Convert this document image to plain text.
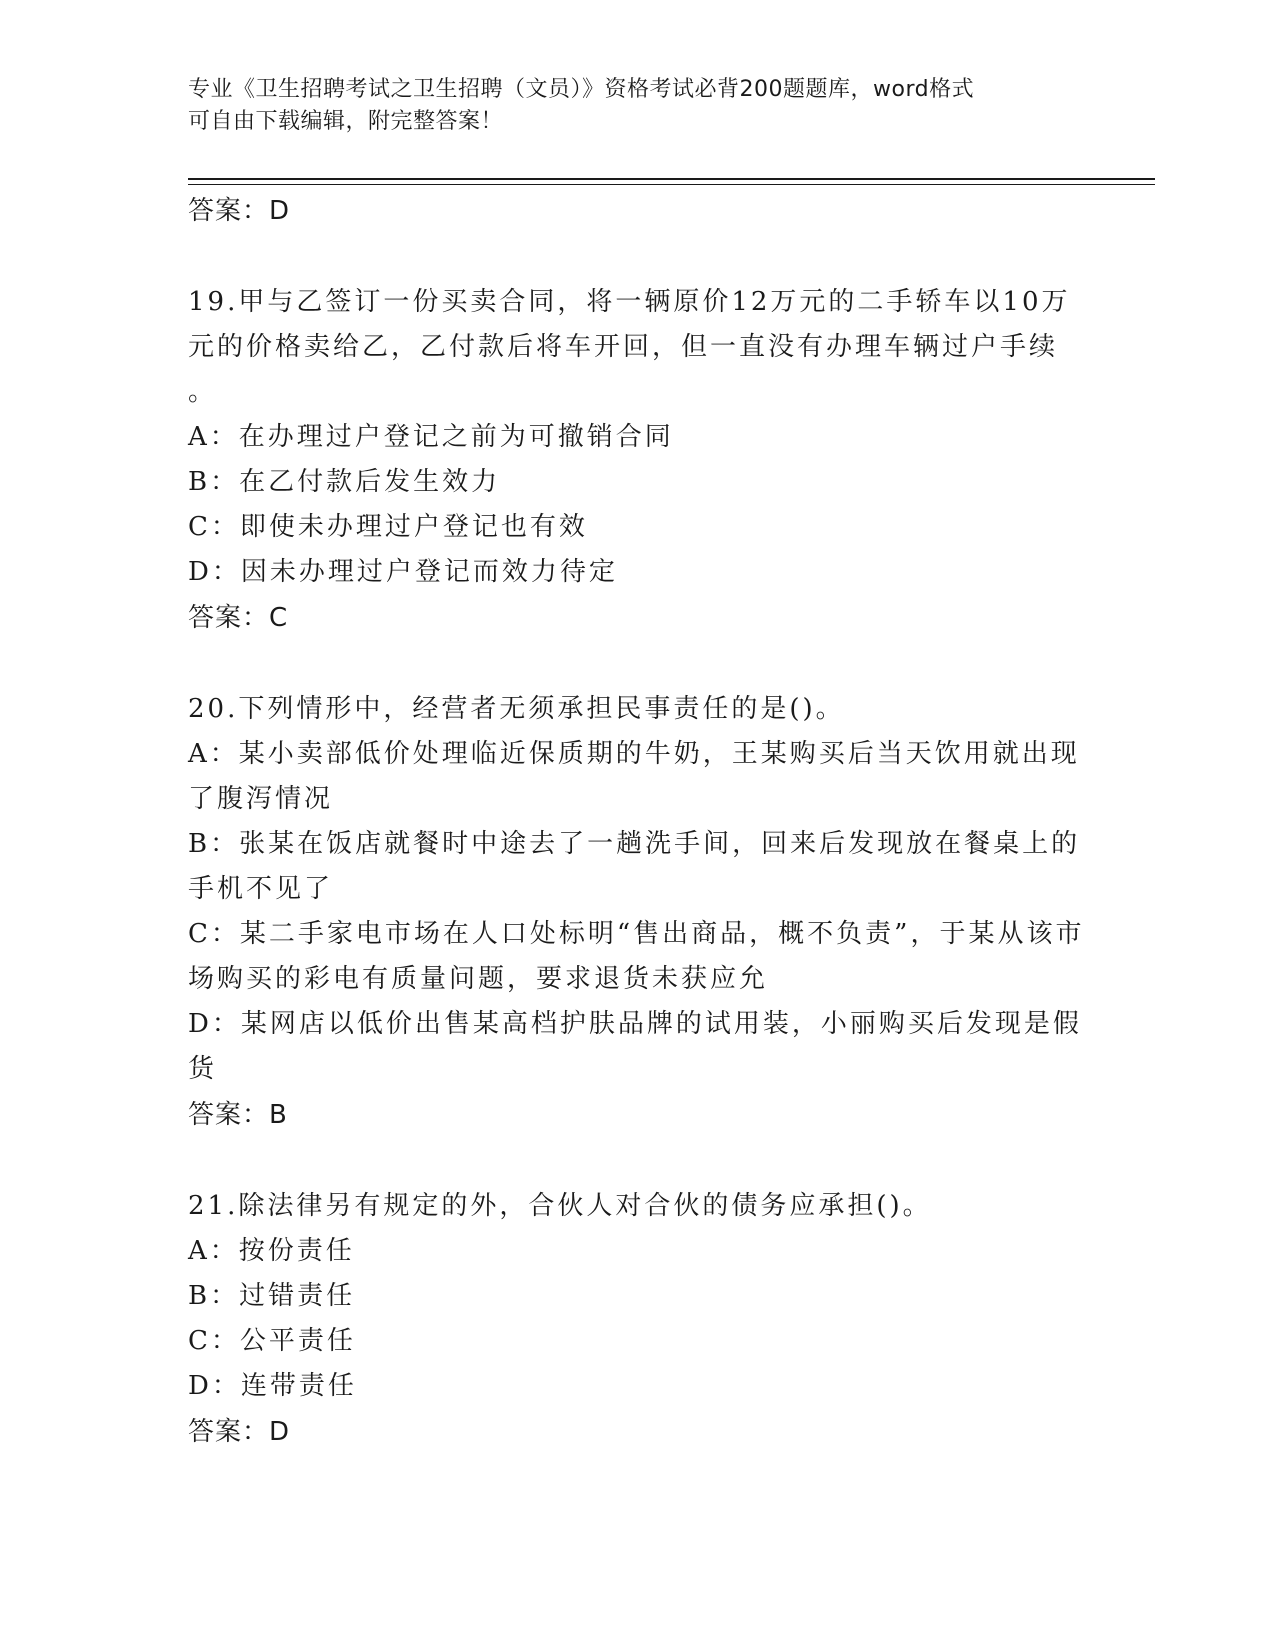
专业《卫生招聘考试之卫生招聘（文员）》资格考试必背200题题库，word格式
可自由下载编辑，附完整答案！

答案：D

19.甲与乙签订一份买卖合同，将一辆原价12万元的二手轿车以10万元的价格卖给乙，乙付款后将车开回，但一直没有办理车辆过户手续

。

A：在办理过户登记之前为可撤销合同

B：在乙付款后发生效力

C：即使未办理过户登记也有效

D：因未办理过户登记而效力待定

答案：C

20.下列情形中，经营者无须承担民事责任的是()。

A：某小卖部低价处理临近保质期的牛奶，王某购买后当天饮用就出现了腹泻情况

B：张某在饭店就餐时中途去了一趟洗手间，回来后发现放在餐桌上的手机不见了

C：某二手家电市场在人口处标明“售出商品，概不负责”，于某从该市场购买的彩电有质量问题，要求退货未获应允

D：某网店以低价出售某高档护肤品牌的试用装，小丽购买后发现是假货

答案：B

21.除法律另有规定的外，合伙人对合伙的债务应承担()。

A：按份责任

B：过错责任

C：公平责任

D：连带责任

答案：D
